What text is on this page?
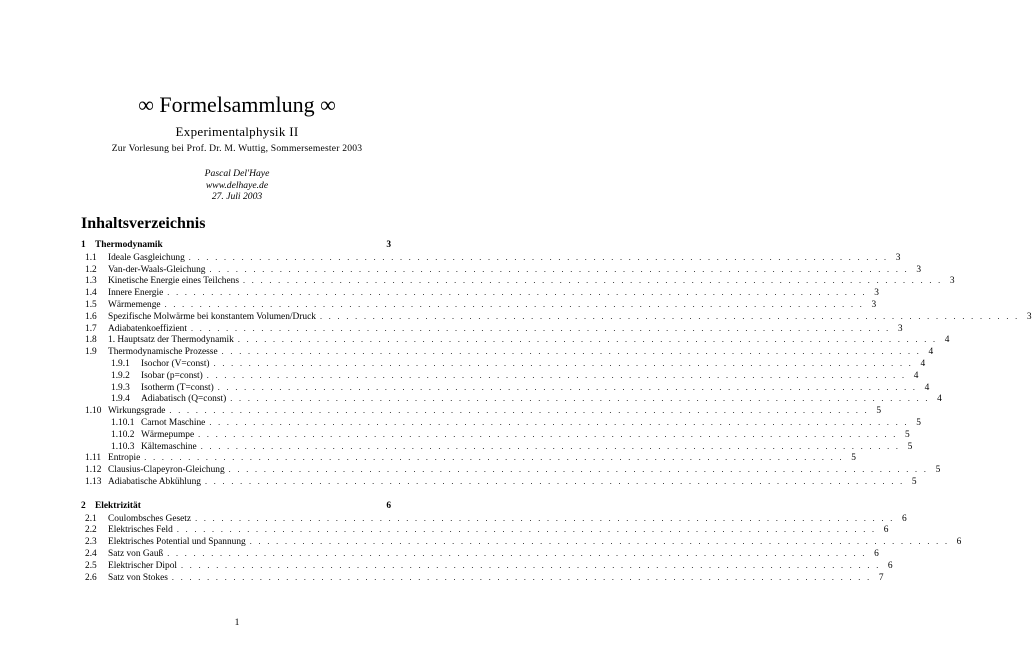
∞ Formelsammlung ∞
Experimentalphysik II
Zur Vorlesung bei Prof. Dr. M. Wuttig, Sommersemester 2003
Pascal Del'Haye
www.delhaye.de
27. Juli 2003
Inhaltsverzeichnis
1 Thermodynamik	3
1.1	Ideale Gasgleichung . . . . . . . . . . . . . . . . . . . . . . . . . . . . . . . . . . . . . . . . . . . . . . . . . . . . . . . . . . . . . . . . . . . . . . . . . . . . . . . . 3
1.2	Van-der-Waals-Gleichung . . . . . . . . . . . . . . . . . . . . . . . . . . . . . . . . . . . . . . . . . . . . . . . . . . . . . . . . . . . . . . . . . . . . . . . . . . . . . . . . 3
1.3	Kinetische Energie eines Teilchens . . . . . . . . . . . . . . . . . . . . . . . . . . . . . . . . . . . . . . . . . . . . . . . . . . . . . . . . . . . . . . . . . . . . . . . . . . . . . . . . 3
1.4	Innere Energie . . . . . . . . . . . . . . . . . . . . . . . . . . . . . . . . . . . . . . . . . . . . . . . . . . . . . . . . . . . . . . . . . . . . . . . . . . . . . . . . 3
1.5	Wärmemenge . . . . . . . . . . . . . . . . . . . . . . . . . . . . . . . . . . . . . . . . . . . . . . . . . . . . . . . . . . . . . . . . . . . . . . . . . . . . . . . . 3
1.6	Spezifische Molwärme bei konstantem Volumen/Druck . . . . . . . . . . . . . . . . . . . . . . . . . . . . . . . . . . . . . . . . . . . . . . . . . . . . . . . . . . . . . . . . . . . . . . . . . . . . . . . . 3
1.7	Adiabatenkoeffizient . . . . . . . . . . . . . . . . . . . . . . . . . . . . . . . . . . . . . . . . . . . . . . . . . . . . . . . . . . . . . . . . . . . . . . . . . . . . . . . . 3
1.8	1. Hauptsatz der Thermodynamik . . . . . . . . . . . . . . . . . . . . . . . . . . . . . . . . . . . . . . . . . . . . . . . . . . . . . . . . . . . . . . . . . . . . . . . . . . . . . . . . 4
1.9	Thermodynamische Prozesse . . . . . . . . . . . . . . . . . . . . . . . . . . . . . . . . . . . . . . . . . . . . . . . . . . . . . . . . . . . . . . . . . . . . . . . . . . . . . . . . 4
1.9.1	Isochor (V=const) . . . . . . . . . . . . . . . . . . . . . . . . . . . . . . . . . . . . . . . . . . . . . . . . . . . . . . . . . . . . . . . . . . . . . . . . . . . . . . . . 4
1.9.2	Isobar (p=const) . . . . . . . . . . . . . . . . . . . . . . . . . . . . . . . . . . . . . . . . . . . . . . . . . . . . . . . . . . . . . . . . . . . . . . . . . . . . . . . . 4
1.9.3	Isotherm (T=const) . . . . . . . . . . . . . . . . . . . . . . . . . . . . . . . . . . . . . . . . . . . . . . . . . . . . . . . . . . . . . . . . . . . . . . . . . . . . . . . . 4
1.9.4	Adiabatisch (Q=const) . . . . . . . . . . . . . . . . . . . . . . . . . . . . . . . . . . . . . . . . . . . . . . . . . . . . . . . . . . . . . . . . . . . . . . . . . . . . . . . . 4
1.10 Wirkungsgrade . . . . . . . . . . . . . . . . . . . . . . . . . . . . . . . . . . . . . . . . . . . . . . . . . . . . . . . . . . . . . . . . . . . . . . . . . . . . . . . . 5
1.10.1 Carnot Maschine . . . . . . . . . . . . . . . . . . . . . . . . . . . . . . . . . . . . . . . . . . . . . . . . . . . . . . . . . . . . . . . . . . . . . . . . . . . . . . . . 5
1.10.2 Wärmepumpe . . . . . . . . . . . . . . . . . . . . . . . . . . . . . . . . . . . . . . . . . . . . . . . . . . . . . . . . . . . . . . . . . . . . . . . . . . . . . . . . 5
1.10.3 Kältemaschine . . . . . . . . . . . . . . . . . . . . . . . . . . . . . . . . . . . . . . . . . . . . . . . . . . . . . . . . . . . . . . . . . . . . . . . . . . . . . . . . 5
1.11 Entropie . . . . . . . . . . . . . . . . . . . . . . . . . . . . . . . . . . . . . . . . . . . . . . . . . . . . . . . . . . . . . . . . . . . . . . . . . . . . . . . . 5
1.12 Clausius-Clapeyron-Gleichung . . . . . . . . . . . . . . . . . . . . . . . . . . . . . . . . . . . . . . . . . . . . . . . . . . . . . . . . . . . . . . . . . . . . . . . . . . . . . . . . 5
1.13 Adiabatische Abkühlung . . . . . . . . . . . . . . . . . . . . . . . . . . . . . . . . . . . . . . . . . . . . . . . . . . . . . . . . . . . . . . . . . . . . . . . . . . . . . . . . 5
2 Elektrizität	6
2.1	Coulombsches Gesetz . . . . . . . . . . . . . . . . . . . . . . . . . . . . . . . . . . . . . . . . . . . . . . . . . . . . . . . . . . . . . . . . . . . . . . . . . . . . . . . . 6
2.2	Elektrisches Feld . . . . . . . . . . . . . . . . . . . . . . . . . . . . . . . . . . . . . . . . . . . . . . . . . . . . . . . . . . . . . . . . . . . . . . . . . . . . . . . . 6
2.3	Elektrisches Potential und Spannung . . . . . . . . . . . . . . . . . . . . . . . . . . . . . . . . . . . . . . . . . . . . . . . . . . . . . . . . . . . . . . . . . . . . . . . . . . . . . . . . 6
2.4	Satz von Gauß . . . . . . . . . . . . . . . . . . . . . . . . . . . . . . . . . . . . . . . . . . . . . . . . . . . . . . . . . . . . . . . . . . . . . . . . . . . . . . . . 6
2.5	Elektrischer Dipol . . . . . . . . . . . . . . . . . . . . . . . . . . . . . . . . . . . . . . . . . . . . . . . . . . . . . . . . . . . . . . . . . . . . . . . . . . . . . . . . 6
2.6	Satz von Stokes . . . . . . . . . . . . . . . . . . . . . . . . . . . . . . . . . . . . . . . . . . . . . . . . . . . . . . . . . . . . . . . . . . . . . . . . . . . . . . . . 7
1
